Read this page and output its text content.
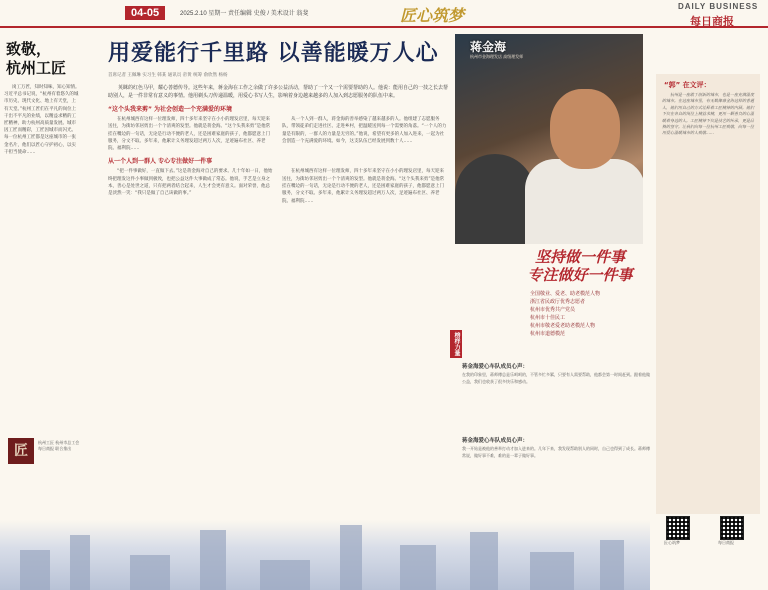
04-05	2025.2.10 星期一 责任编辑 史俊 / 美术设计 翁斐	匠心筑梦	DAILY BUSINESS
每日商报
致敬，
杭州工匠
岗工万匠，知时知味，知心知情。习近平总书记说，“杭州有着悠久的城市历史、现代文化、地上有天堂，上有天堂。”杭州工匠们在平凡的岗位上干出不平凡的业绩，以精益求精的工匠精神，助力杭州高质量发展。城市因工匠而精彩，工匠因城市而闪光。每一位杭州工匠都是这座城市的一张金名片，他们以匠心守护初心，以实干担当使命……
匠
杭州工匠 杭州市总工会 每日商报 联合推出
用爱能行千里路 以善能暖万人心
首席记者 王佩琳 实习生 韩某 通讯员 帝黄 统筹 俞欣然 杨杨
英眯的红色马甲，耀心善德传导。这些年来，蒋金海在工作之余做了许多公益活动，帮助了一个又一个需要帮助的人。他说：能用自己的一技之长去帮助别人，是一件非常有意义的事情。他用剃头刀传递温暖，用爱心书写人生，影响着身边越来越多的人加入到志愿服务的队伍中来。
“这个头我来剪” 为社会创造一个充满爱的环境
在杭州城西有这样一位理发师，四十多年来坚守在小小的理发店里，每天迎来送往，为街坊邻居剪出一个个清爽的发型。他就是蒋金海。“这个头我来剪”是他常挂在嘴边的一句话，无论是行动不便的老人，还是困难家庭的孩子，他都愿意上门服务，分文不取。多年来，他累计义务理发超过两万人次，足迹遍布社区、养老院、福利院……
从一个人到一群人，蒋金海的善举感染了越来越多的人。他组建了志愿服务队，带领徒弟们走进社区、走进乡村，把温暖送到每一个需要的角落。“一个人的力量是有限的，一群人的力量是无穷的。”他说，希望有更多的人加入进来，一起为社会创造一个充满爱的环境。如今，这支队伍已经发展到数十人……
从一个人到一群人 专心专注做好一件事
“把一件事做好，一直做下去。”这是蒋金海对自己的要求。几十年如一日，他始终把理发这件小事做到极致，也把公益这件大事做成了常态。他说，手艺是立身之本，善心是处世之道，只有把两者结合起来，人生才会更有意义。面对荣誉，他总是淡然一笑：“我只是做了自己该做的事。”
在杭州城西有这样一位理发师，四十多年来坚守在小小的理发店里，每天迎来送往，为街坊邻居剪出一个个清爽的发型。他就是蒋金海。“这个头我来剪”是他常挂在嘴边的一句话，无论是行动不便的老人，还是困难家庭的孩子，他都愿意上门服务，分文不取。多年来，他累计义务理发超过两万人次，足迹遍布社区、养老院、福利院……
蒋金海
杭州市金海理发店 高级理发师
坚持做一件事
专注做好一件事
全国敬业、爱老、助老模范人物
浙江省民政厅优秀志愿者
杭州市优秀共产党员
杭州市十佳民工
杭州市敬老爱老助老模范人物
杭州市道德模范
榜样力量
蒋金海爱心车队成员心声：
在我的印象里，蒋师傅总是乐呵呵的，不管多忙多累，只要有人需要帮助，他都会第一时间赶到。跟着他做公益，我们也收获了很多快乐和感动。
蒋金海爱心车队成员心声：
我一开始是被他的善举打动才加入进来的。几年下来，我发现帮助别人的同时，自己也得到了成长。蒋师傅常说，做好事不难，难的是一辈子做好事。
“郭” 在文评：
杭州是一座敢于创新的城市，也是一座充满温度的城市。在这座城市里，有无数像蒋金海这样的普通人，他们用自己的方式诠释着工匠精神的内涵。他们不仅在各自的岗位上精益求精，更用一颗善良的心温暖着身边的人。工匠精神不仅是技艺的传承，更是品格的坚守。让我们向每一位杭州工匠致敬，向每一位用爱心温暖城市的人致敬……
匠心筑梦	每日商报
